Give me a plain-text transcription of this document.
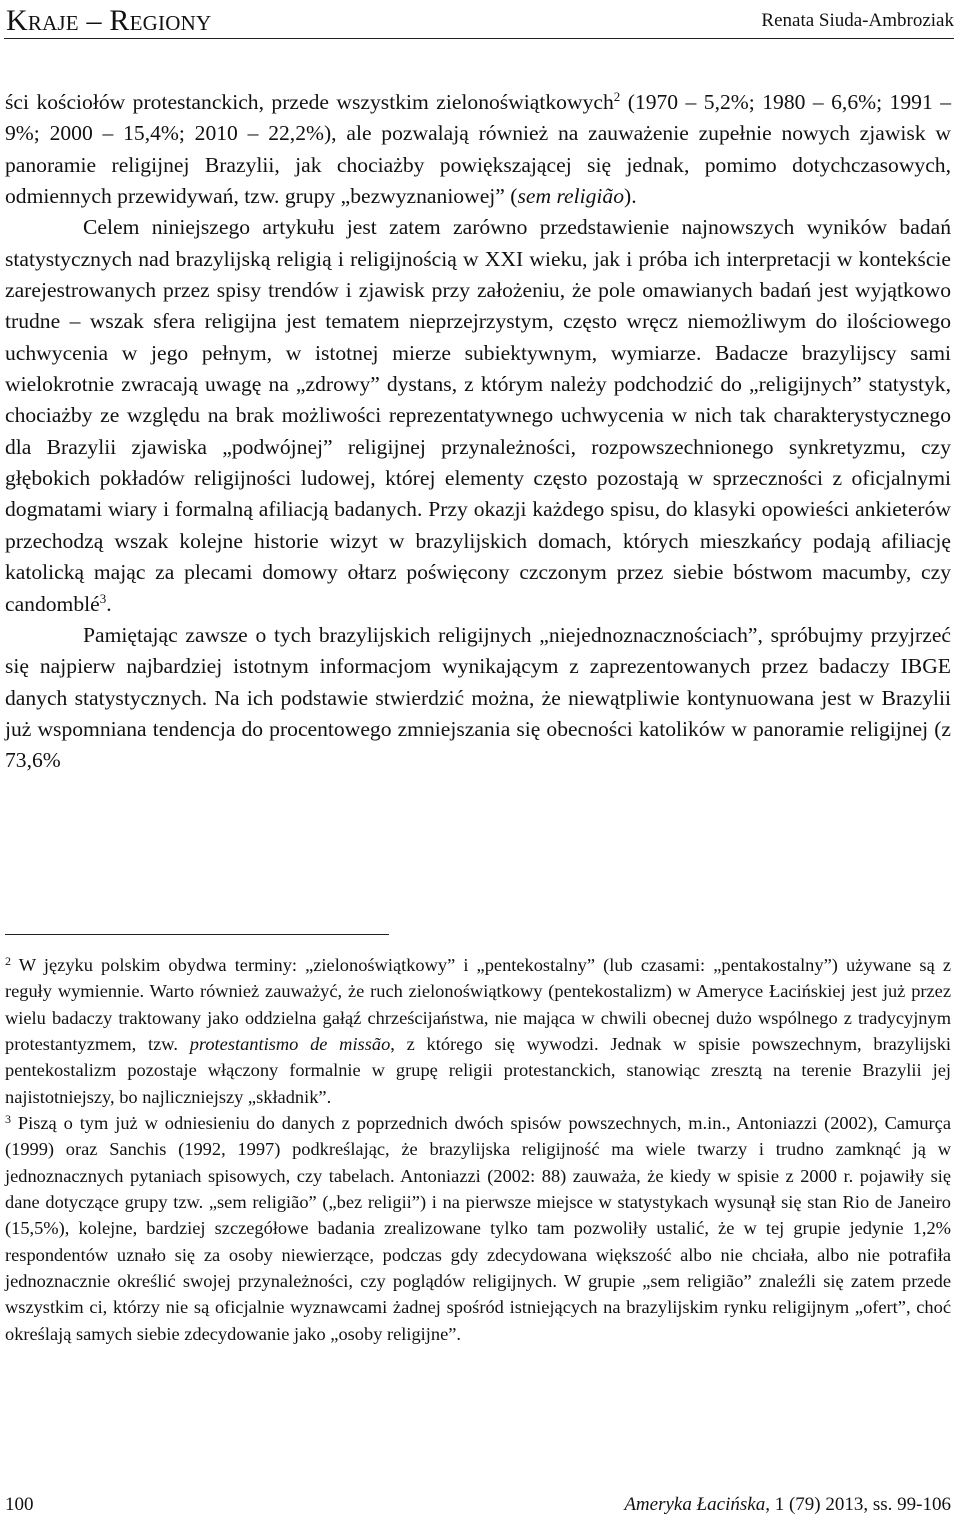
Kraje – Regiony	Renata Siuda-Ambroziak

ści kościołów protestanckich, przede wszystkim zielonoświątkowych$^2$ (1970 – 5,2%; 1980 – 6,6%; 1991 – 9%; 2000 – 15,4%; 2010 – 22,2%), ale pozwalają również na zauważenie zupełnie nowych zjawisk w panoramie religijnej Brazylii, jak chociażby powiększającej się jednak, pomimo dotychczasowych, odmiennych przewidywań, tzw. grupy „bezwyznaniowej” (sem religião).

Celem niniejszego artykułu jest zatem zarówno przedstawienie najnowszych wyników badań statystycznych nad brazylijską religią i religijnością w XXI wieku, jak i próba ich interpretacji w kontekście zarejestrowanych przez spisy trendów i zjawisk przy założeniu, że pole omawianych badań jest wyjątkowo trudne – wszak sfera religijna jest tematem nieprzejrzystym, często wręcz niemożliwym do ilościowego uchwycenia w jego pełnym, w istotnej mierze subiektywnym, wymiarze. Badacze brazylijscy sami wielokrotnie zwracają uwagę na „zdrowy” dystans, z którym należy podchodzić do „religijnych” statystyk, chociażby ze względu na brak możliwości reprezentatywnego uchwycenia w nich tak charakterystycznego dla Brazylii zjawiska „podwójnej” religijnej przynależności, rozpowszechnionego synkretyzmu, czy głębokich pokładów religijności ludowej, której elementy często pozostają w sprzeczności z oficjalnymi dogmatami wiary i formalną afiliacją badanych. Przy okazji każdego spisu, do klasyki opowieści ankieterów przechodzą wszak kolejne historie wizyt w brazylijskich domach, których mieszkańcy podają afiliację katolicką mając za plecami domowy ołtarz poświęcony czczonym przez siebie bóstwom macumby, czy candomblé$^3$.

Pamiętając zawsze o tych brazylijskich religijnych „niejednoznacznościach”, spróbujmy przyjrzeć się najpierw najbardziej istotnym informacjom wynikającym z zaprezentowanych przez badaczy IBGE danych statystycznych. Na ich podstawie stwierdzić można, że niewątpliwie kontynuowana jest w Brazylii już wspomniana tendencja do procentowego zmniejszania się obecności katolików w panoramie religijnej (z 73,6%

$^2$ W języku polskim obydwa terminy: „zielonoświątkowy” i „pentekostalny” (lub czasami: „pentakostalny”) używane są z reguły wymiennie. Warto również zauważyć, że ruch zielonoświątkowy (pentekostalizm) w Ameryce Łacińskiej jest już przez wielu badaczy traktowany jako oddzielna gałąź chrześcijaństwa, nie mająca w chwili obecnej dużo wspólnego z tradycyjnym protestantyzmem, tzw. protestantismo de missão, z którego się wywodzi. Jednak w spisie powszechnym, brazylijski pentekostalizm pozostaje włączony formalnie w grupę religii protestanckich, stanowiąc zresztą na terenie Brazylii jej najistotniejszy, bo najliczniejszy „składnik”.

$^3$ Piszą o tym już w odniesieniu do danych z poprzednich dwóch spisów powszechnych, m.in., Antoniazzi (2002), Camurça (1999) oraz Sanchis (1992, 1997) podkreślając, że brazylijska religijność ma wiele twarzy i trudno zamknąć ją w jednoznacznych pytaniach spisowych, czy tabelach. Antoniazzi (2002: 88) zauważa, że kiedy w spisie z 2000 r. pojawiły się dane dotyczące grupy tzw. „sem religião” („bez religii”) i na pierwsze miejsce w statystykach wysunął się stan Rio de Janeiro (15,5%), kolejne, bardziej szczegółowe badania zrealizowane tylko tam pozwoliły ustalić, że w tej grupie jedynie 1,2% respondentów uznało się za osoby niewierzące, podczas gdy zdecydowana większość albo nie chciała, albo nie potrafiła jednoznacznie określić swojej przynależności, czy poglądów religijnych. W grupie „sem religião” znaleźli się zatem przede wszystkim ci, którzy nie są oficjalnie wyznawcami żadnej spośród istniejących na brazylijskim rynku religijnym „ofert”, choć określają samych siebie zdecydowanie jako „osoby religijne”.

100	Ameryka Łacińska, 1 (79) 2013, ss. 99-106
